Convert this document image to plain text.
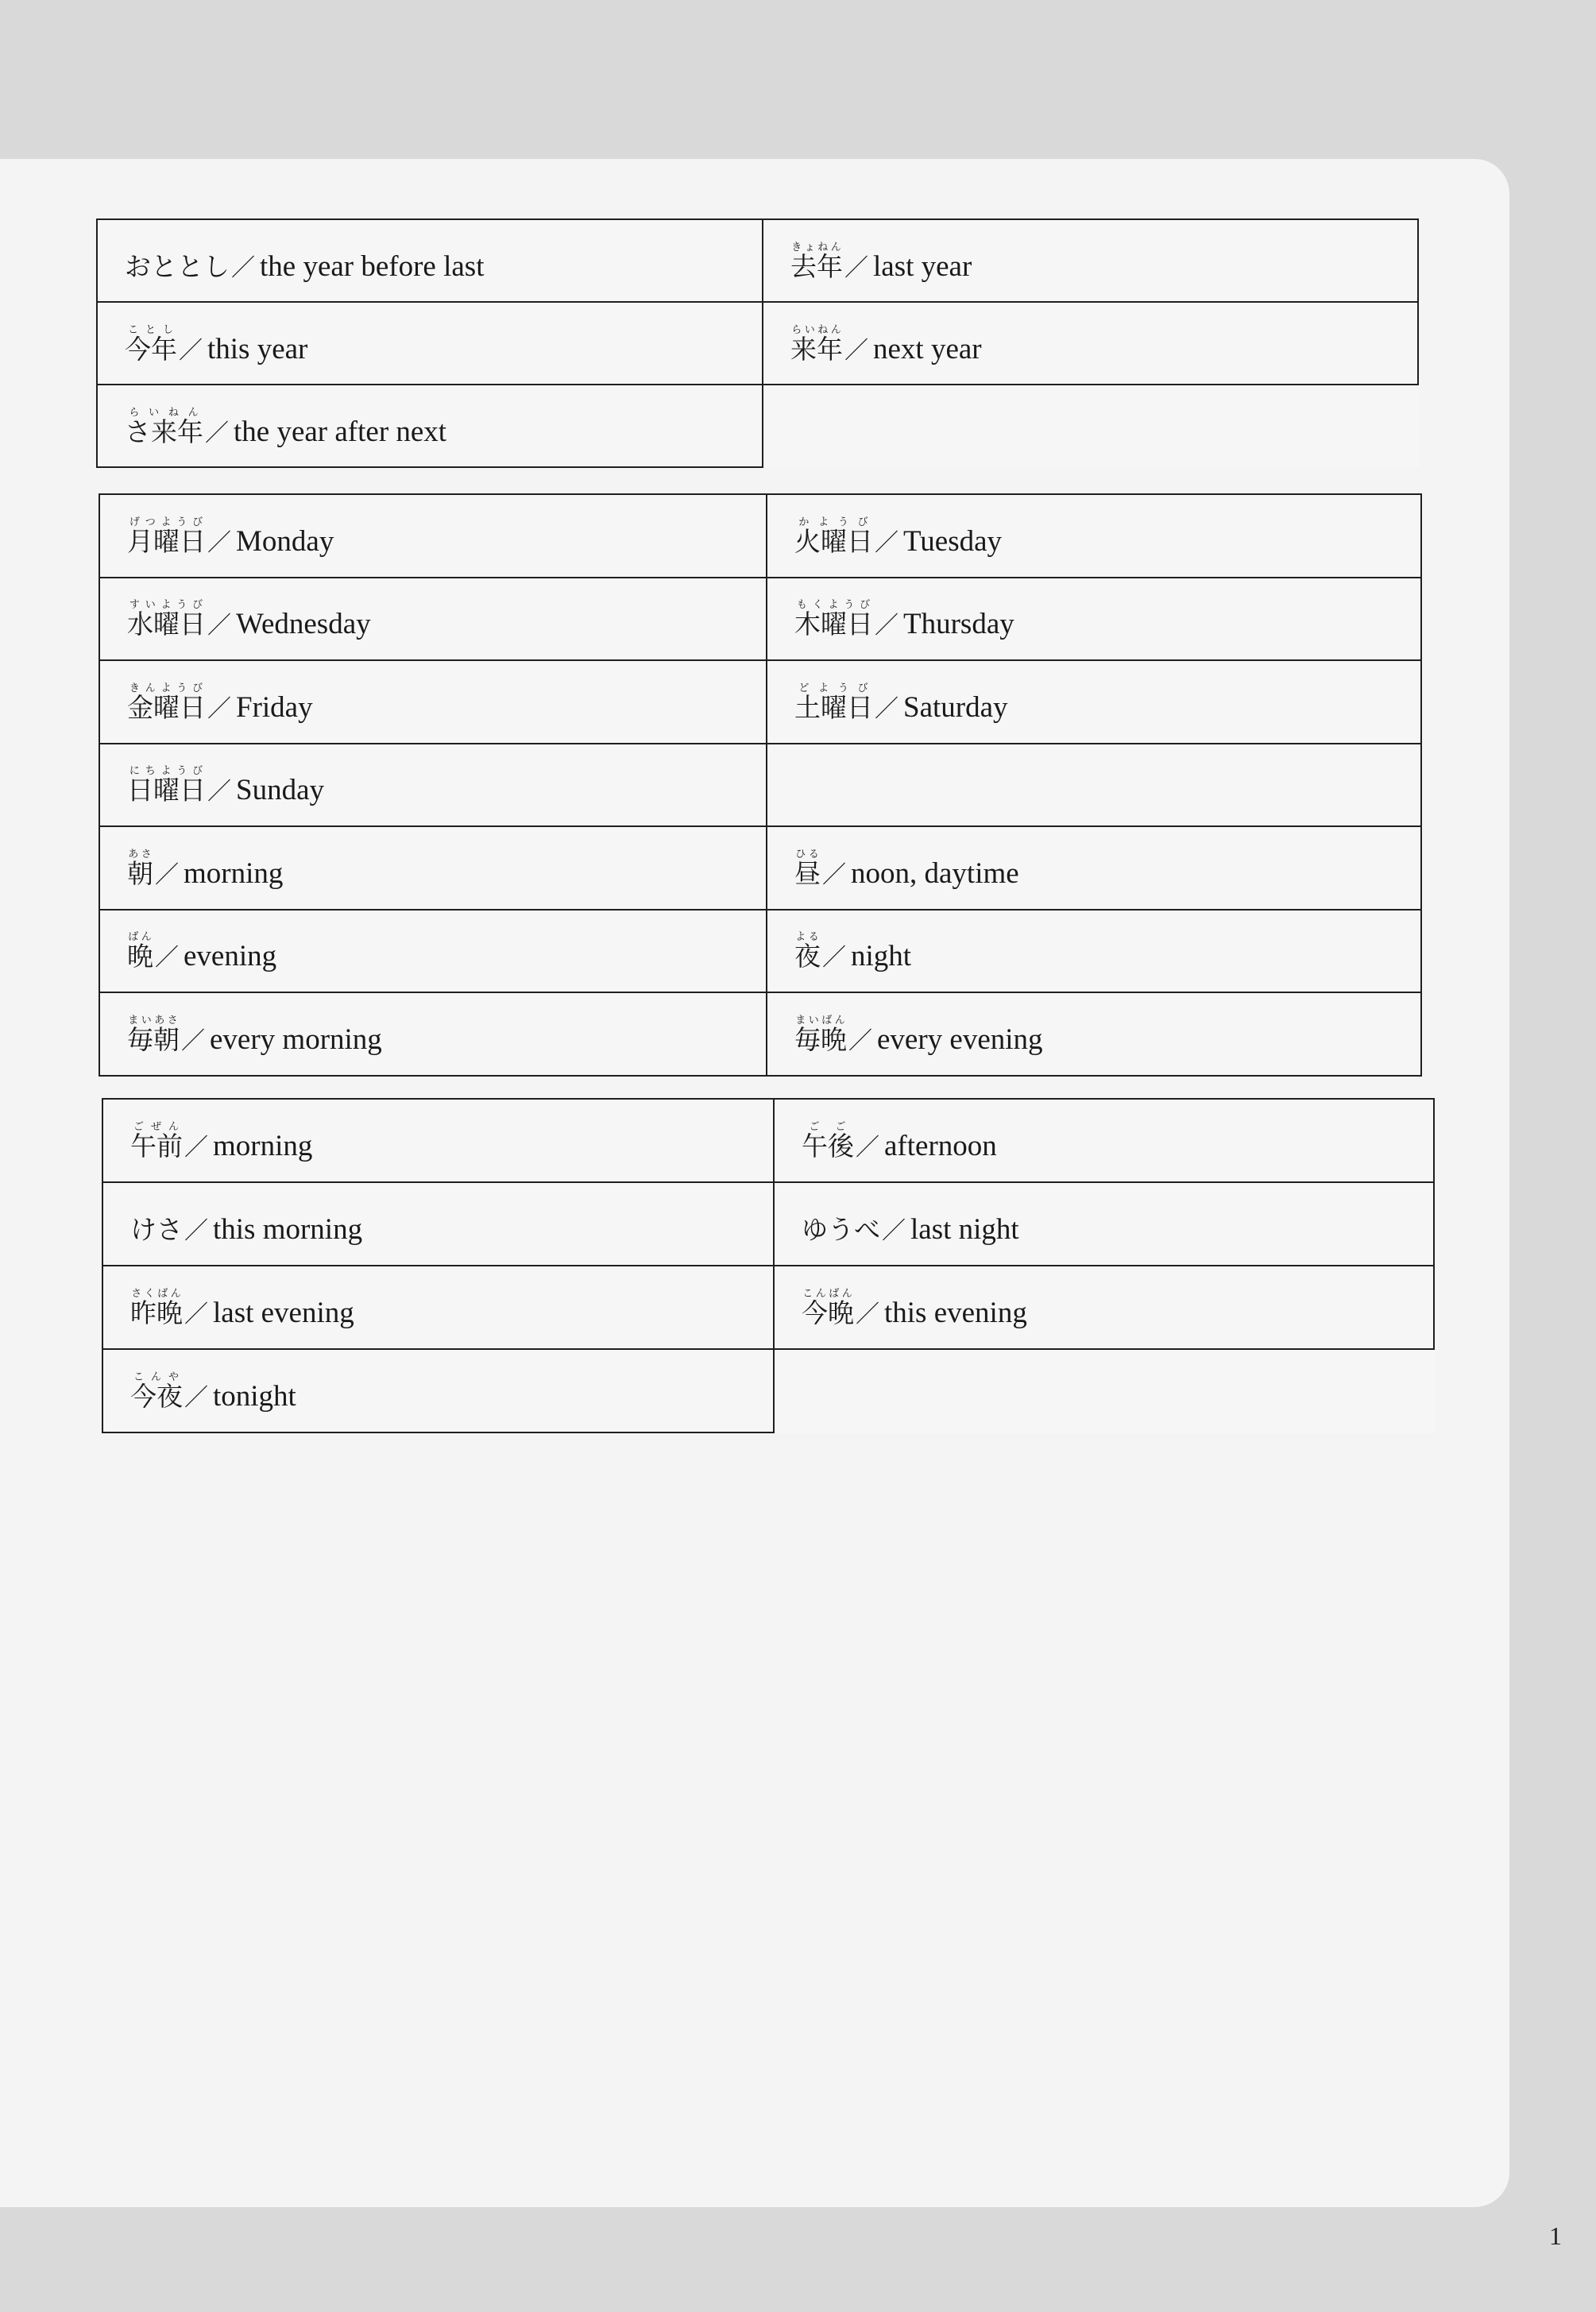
おととし／ the year before last	去年きょねん／ last year
今年ことし／ this year	来年らいねん／ next year
さ来年らいねん／ the year after next	
月曜日げつようび／ Monday	火曜日かようび／ Tuesday
水曜日すいようび／ Wednesday	木曜日もくようび／ Thursday
金曜日きんようび／ Friday	土曜日どようび／ Saturday
日曜日にちようび／ Sunday	
朝あさ／ morning	昼ひる／ noon, daytime
晩ばん／ evening	夜よる／ night
毎朝まいあさ／ every morning	毎晩まいばん／ every evening
午前ごぜん／ morning	午後ごご／ afternoon
けさ／ this morning	ゆうべ／ last night
昨晩さくばん／ last evening	今晩こんばん／ this evening
今夜こんや／ tonight	
1
